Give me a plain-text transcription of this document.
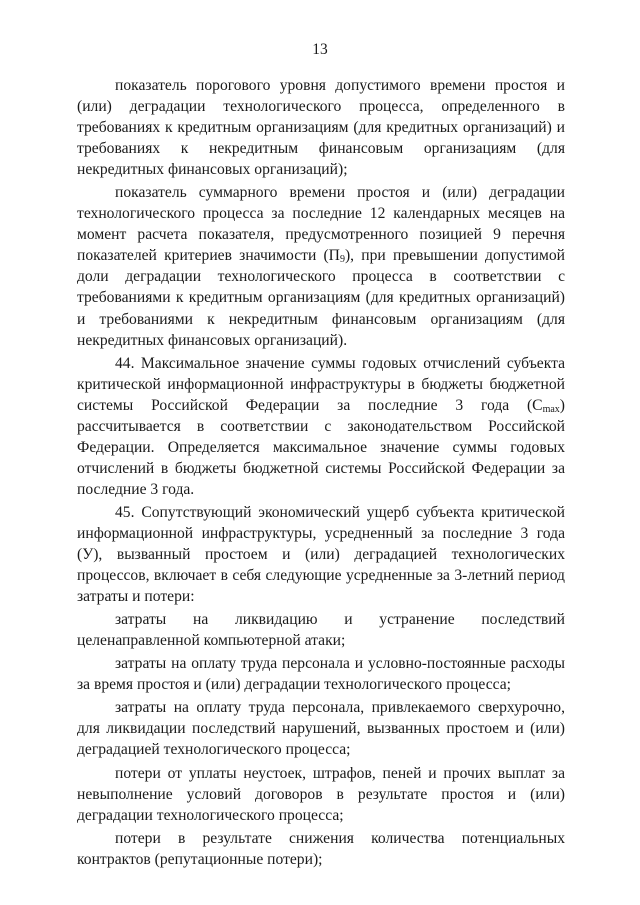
13

показатель порогового уровня допустимого времени простоя и (или) деградации технологического процесса, определенного в требованиях к кредитным организациям (для кредитных организаций) и требованиях к некредитным финансовым организациям (для некредитных финансовых организаций);

показатель суммарного времени простоя и (или) деградации технологического процесса за последние 12 календарных месяцев на момент расчета показателя, предусмотренного позицией 9 перечня показателей критериев значимости $(П_9)$, при превышении допустимой доли деградации технологического процесса в соответствии с требованиями к кредитным организациям (для кредитных организаций) и требованиями к некредитным финансовым организациям (для некредитных финансовых организаций).

44. Максимальное значение суммы годовых отчислений субъекта критической информационной инфраструктуры в бюджеты бюджетной системы Российской Федерации за последние 3 года $(C_{max})$ рассчитывается в соответствии с законодательством Российской Федерации. Определяется максимальное значение суммы годовых отчислений в бюджеты бюджетной системы Российской Федерации за последние 3 года.

45. Сопутствующий экономический ущерб субъекта критической информационной инфраструктуры, усредненный за последние 3 года (У), вызванный простоем и (или) деградацией технологических процессов, включает в себя следующие усредненные за 3-летний период затраты и потери:

затраты на ликвидацию и устранение последствий целенаправленной компьютерной атаки;

затраты на оплату труда персонала и условно-постоянные расходы за время простоя и (или) деградации технологического процесса;

затраты на оплату труда персонала, привлекаемого сверхурочно, для ликвидации последствий нарушений, вызванных простоем и (или) деградацией технологического процесса;

потери от уплаты неустоек, штрафов, пеней и прочих выплат за невыполнение условий договоров в результате простоя и (или) деградации технологического процесса;

потери в результате снижения количества потенциальных контрактов (репутационные потери);
